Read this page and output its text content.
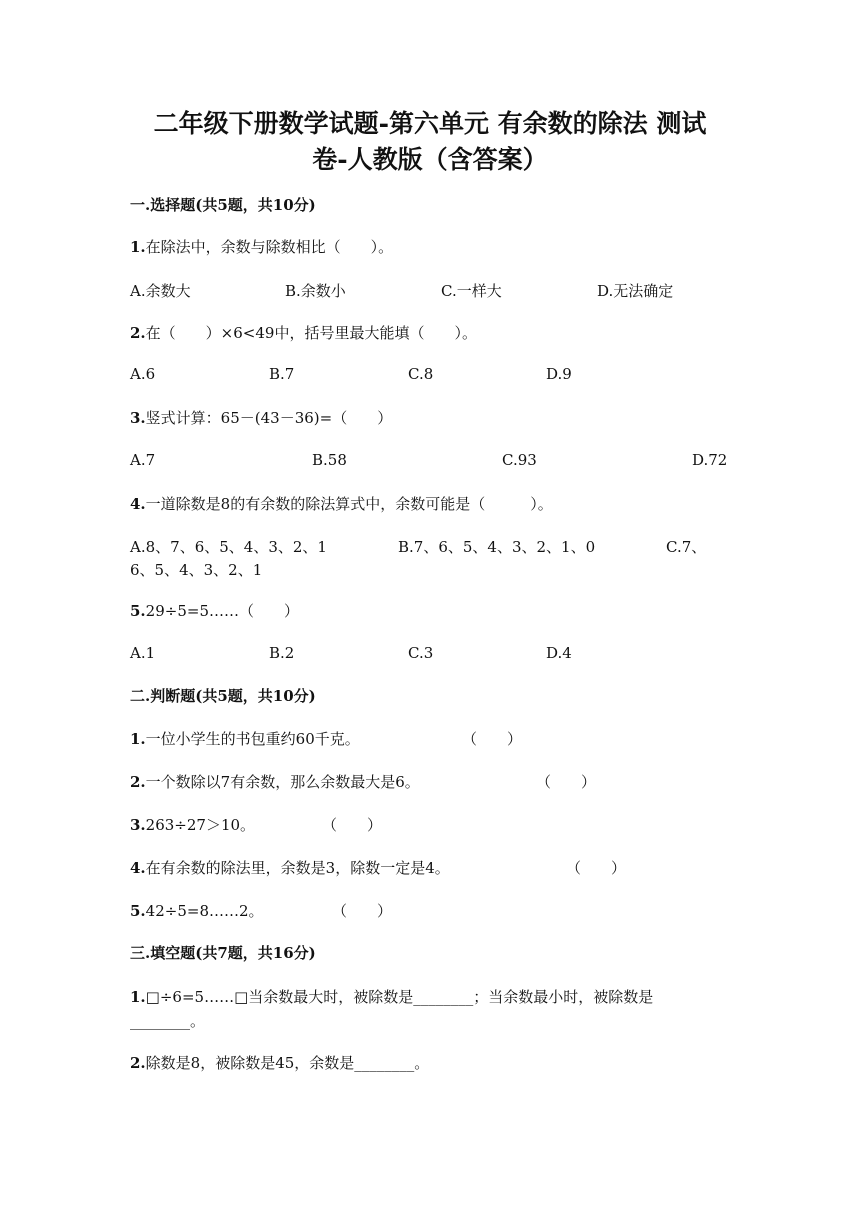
二年级下册数学试题-第六单元 有余数的除法 测试
卷-人教版（含答案）
一.选择题(共5题，共10分)
1.在除法中，余数与除数相比（　　）。
A.余数大	B.余数小	C.一样大	D.无法确定
2.在（　　）×6<49中，括号里最大能填（　　）。
A.6	B.7	C.8	D.9
3.竖式计算：65－(43－36)=（　　）
A.7	B.58	C.93	D.72
4.一道除数是8的有余数的除法算式中，余数可能是（　　　）。
A.8、7、6、5、4、3、2、1	B.7、6、5、4、3、2、1、0	C.7、
6、5、4、3、2、1
5.29÷5=5……（　　）
A.1	B.2	C.3	D.4
二.判断题(共5题，共10分)
1.一位小学生的书包重约60千克。	（　　）
2.一个数除以7有余数，那么余数最大是6。	（　　）
3.263÷27＞10。	（　　）
4.在有余数的除法里，余数是3，除数一定是4。	（　　）
5.42÷5=8……2。	（　　）
三.填空题(共7题，共16分)
1.□÷6=5……□当余数最大时，被除数是________；当余数最小时，被除数是
________。
2.除数是8，被除数是45，余数是________。
